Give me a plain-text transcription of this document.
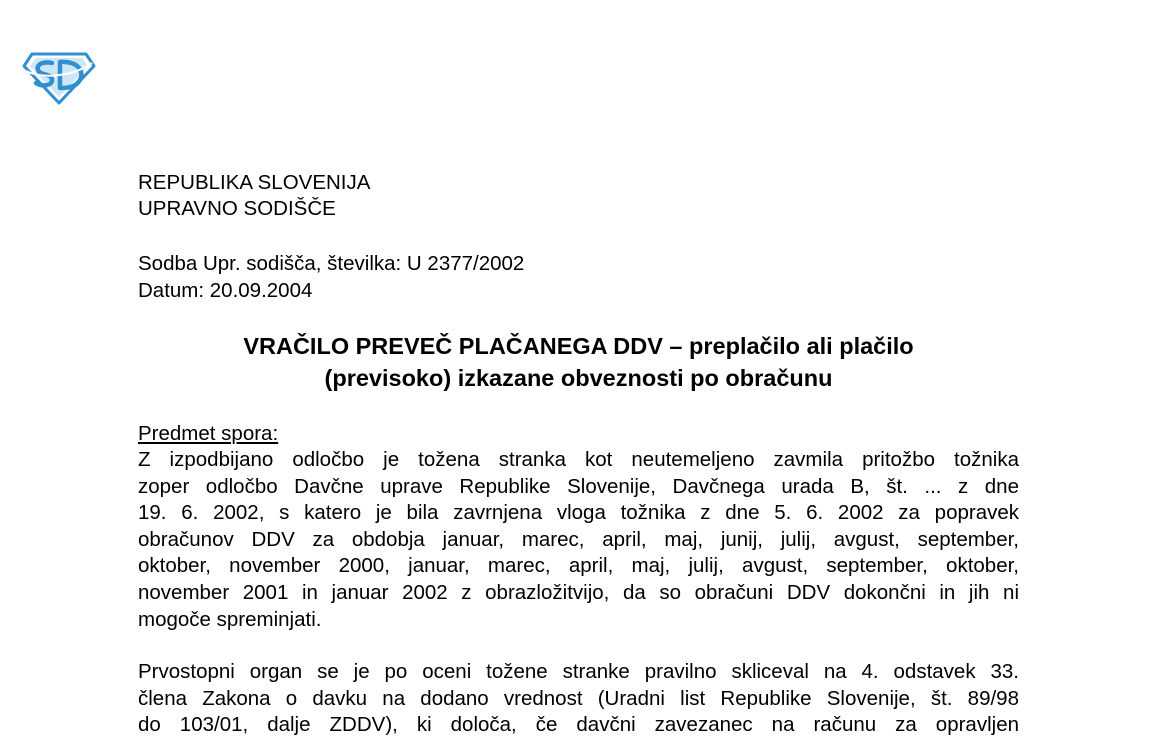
REPUBLIKA SLOVENIJA
UPRAVNO SODIŠČE
Sodba Upr. sodišča, številka: U 2377/2002
Datum: 20.09.2004
VRAČILO PREVEČ PLAČANEGA DDV – preplačilo ali plačilo
(previsoko) izkazane obveznosti po obračunu
Predmet spora:
Z izpodbijano odločbo je tožena stranka kot neutemeljeno zavmila pritožbo tožnika
zoper odločbo Davčne uprave Republike Slovenije, Davčnega urada B, št. ... z dne
19. 6. 2002, s katero je bila zavrnjena vloga tožnika z dne 5. 6. 2002 za popravek
obračunov DDV za obdobja januar, marec, april, maj, junij, julij, avgust, september,
oktober, november 2000, januar, marec, april, maj, julij, avgust, september, oktober,
november 2001 in januar 2002 z obrazložitvijo, da so obračuni DDV dokončni in jih ni
mogoče spreminjati.
Prvostopni organ se je po oceni tožene stranke pravilno skliceval na 4. odstavek 33.
člena Zakona o davku na dodano vrednost (Uradni list Republike Slovenije, št. 89/98
do 103/01, dalje ZDDV), ki določa, če davčni zavezanec na računu za opravljen
